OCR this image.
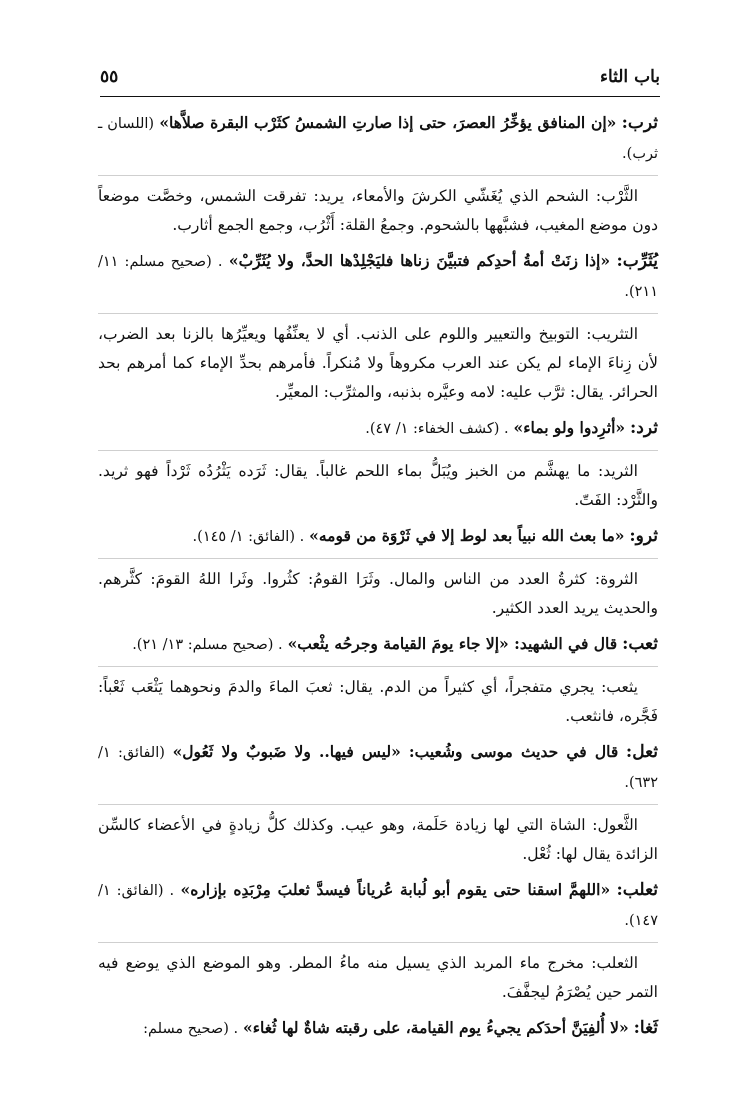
باب الثاء
٥٥

ثرب: «إن المنافق يؤخِّرُ العصرَ، حتى إذا صارتِ الشمسُ كثَرْب البقرة صلاَّها» (اللسان ـ ثرب).

الثَّرْب: الشحم الذي يُغَشّي الكرشَ والأمعاء، يريد: تفرقت الشمس، وخصَّت موضعاً دون موضع المغيب، فشبَّهها بالشحوم. وجمعُ القلة: أَثْرُب، وجمع الجمع أثارب.

يُثَرِّب: «إذا زنَتْ أمةُ أحدِكم فتبيَّنَ زناها فليَجْلِدْها الحدَّ، ولا يُثَرِّبْ» . (صحيح مسلم: ١١/ ٢١١).

التثريب: التوبيخ والتعيير واللوم على الذنب. أي لا يعنِّفُها ويعيِّرُها بالزنا بعد الضرب، لأن زِناءَ الإماء لم يكن عند العرب مكروهاً ولا مُنكراً. فأمرهم بحدِّ الإماء كما أمرهم بحد الحرائر. يقال: ثرَّب عليه: لامه وعيَّره بذنبه، والمثرِّب: المعيِّر.

ثرد: «أثرِدوا ولو بماء» . (كشف الخفاء: ١/ ٤٧).

الثريد: ما يهشَّم من الخبز ويُبَلُّ بماء اللحم غالباً. يقال: ثَرَده يَثْرُدُه ثَرْداً فهو ثريد. والثَّرْد: الفَتّ.

ثرو: «ما بعث الله نبياً بعد لوط إلا في ثَرْوَة من قومه» . (الفائق: ١/ ١٤٥).

الثروة: كثرةُ العدد من الناس والمال. وثَرَا القومُ: كثُروا. وثَرا اللهُ القومَ: كثَّرهم. والحديث يريد العدد الكثير.

ثعب: قال في الشهيد: «إلا جاء يومَ القيامة وجرحُه يثْعب» . (صحيح مسلم: ١٣/ ٢١).

يثعب: يجري متفجراً، أي كثيراً من الدم. يقال: ثعبَ الماءَ والدمَ ونحوهما يَثْعَب ثَعْباً: فَجَّره، فانثعب.

ثعل: قال في حديث موسى وشُعيب: «ليس فيها.. ولا ضَبوبٌ ولا ثَعُول» (الفائق: ١/ ٦٣٢).

الثَّعول: الشاة التي لها زيادة حَلَمة، وهو عيب. وكذلك كلُّ زيادةٍ في الأعضاء كالسِّن الزائدة يقال لها: ثُعْل.

ثعلب: «اللهمَّ اسقنا حتى يقوم أبو لُبابة عُرياناً فيسدَّ ثعلبَ مِرْبَدِه بإزاره» . (الفائق: ١/ ١٤٧).

الثعلب: مخرج ماء المربد الذي يسيل منه ماءُ المطر. وهو الموضع الذي يوضع فيه التمر حين يُصْرَمُ ليجفَّفَ.

ثَغا: «لا أُلفِيَنَّ أحدَكم يجيءُ يوم القيامة، على رقبته شاةٌ لها ثُغاء» . (صحيح مسلم:
